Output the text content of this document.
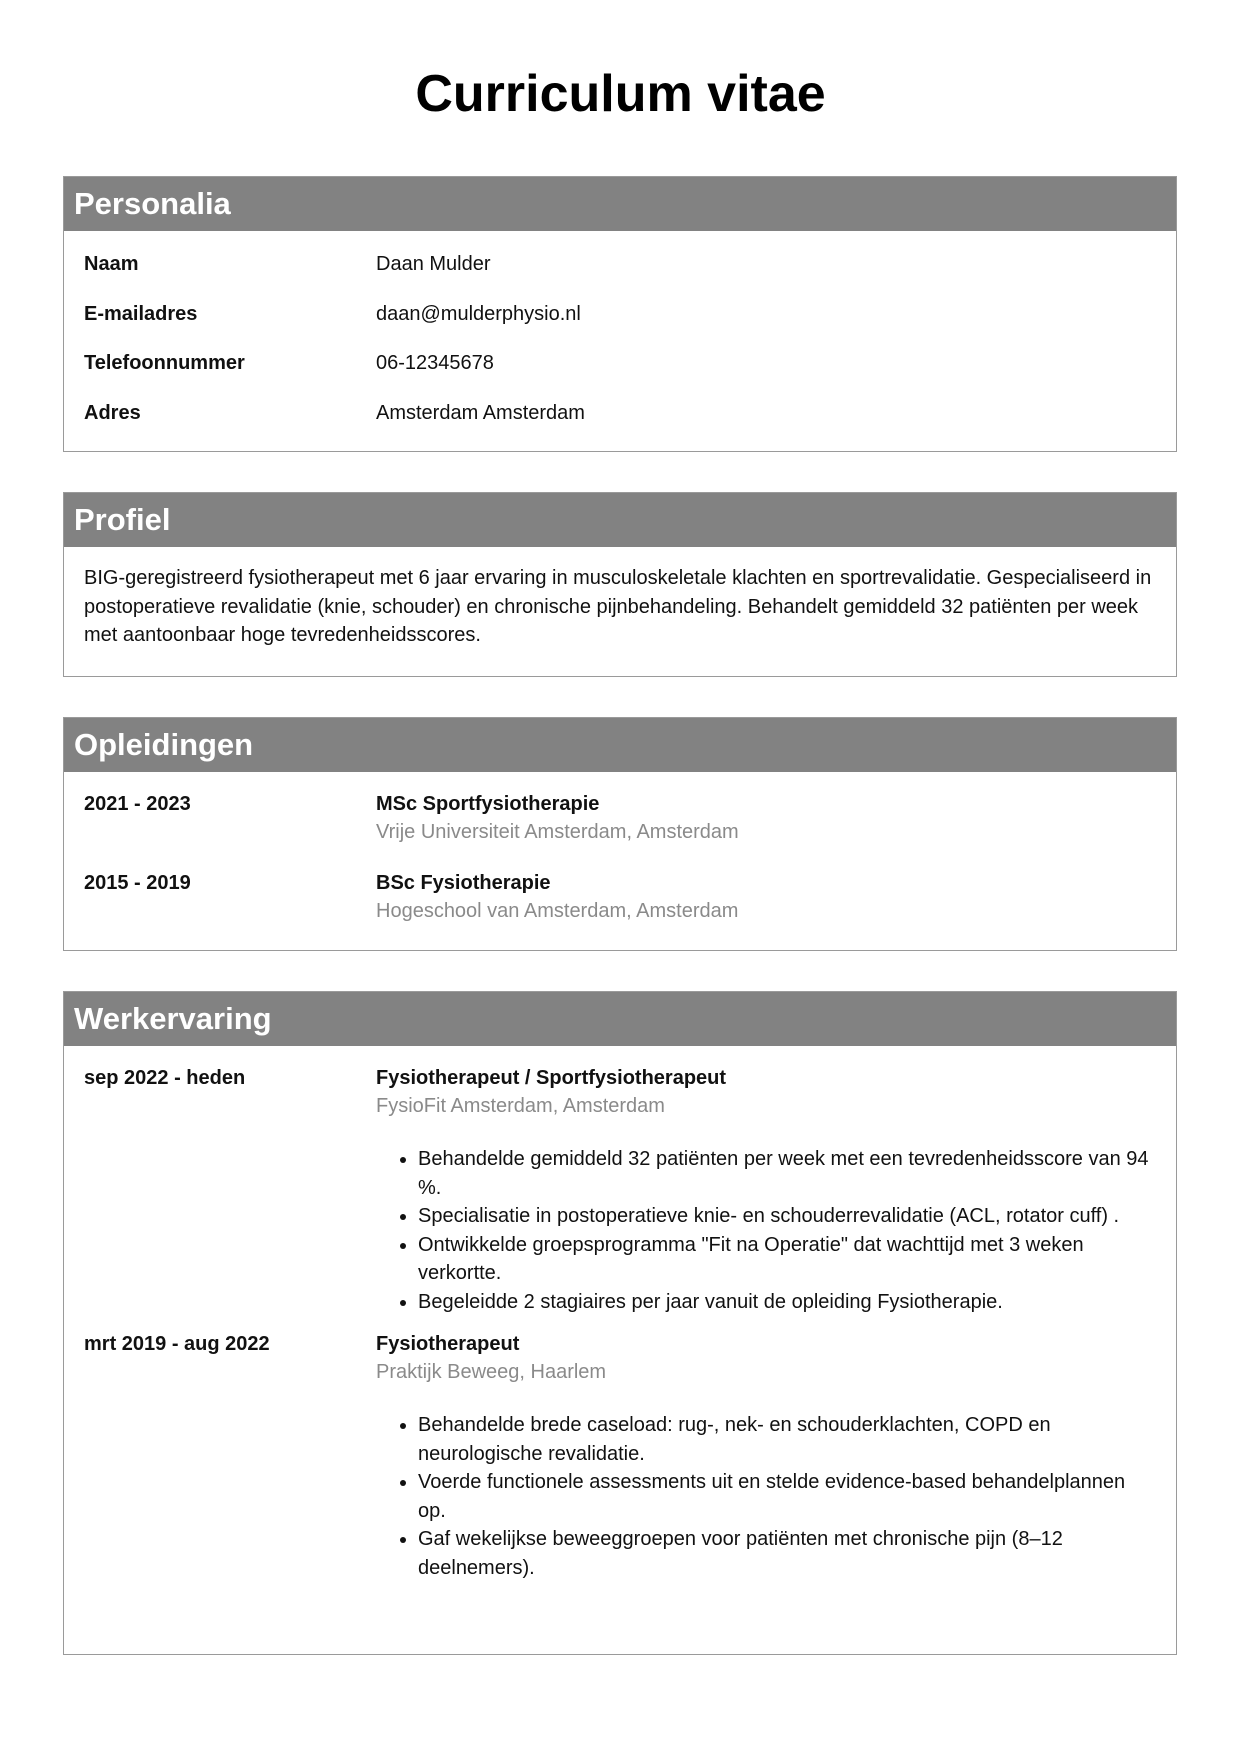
Curriculum vitae
Personalia
Naam	Daan Mulder
E-mailadres	daan@mulderphysio.nl
Telefoonnummer	06-12345678
Adres	Amsterdam Amsterdam
Profiel

BIG-geregistreerd fysiotherapeut met 6 jaar ervaring in musculoskeletale klachten en sportrevalidatie. Gespecialiseerd in postoperatieve revalidatie (knie, schouder) en chronische pijnbehandeling. Behandelt gemiddeld 32 patiënten per week met aantoonbaar hoge tevredenheidsscores.

Opleidingen
2021 - 2023	MSc Sportfysiotherapie
Vrije Universiteit Amsterdam, Amsterdam
2015 - 2019	BSc Fysiotherapie
Hogeschool van Amsterdam, Amsterdam
Werkervaring
sep 2022 - heden	Fysiotherapeut / Sportfysiotherapeut
FysioFit Amsterdam, Amsterdam
• Behandelde gemiddeld 32 patiënten per week met een tevredenheidsscore van 94 %.
• Specialisatie in postoperatieve knie- en schouderrevalidatie (ACL, rotator cuff) .
• Ontwikkelde groepsprogramma "Fit na Operatie" dat wachttijd met 3 weken verkortte.
• Begeleidde 2 stagiaires per jaar vanuit de opleiding Fysiotherapie.
mrt 2019 - aug 2022	Fysiotherapeut
Praktijk Beweeg, Haarlem
• Behandelde brede caseload: rug-, nek- en schouderklachten, COPD en neurologische revalidatie.
• Voerde functionele assessments uit en stelde evidence-based behandelplannen op.
• Gaf wekelijkse beweeggroepen voor patiënten met chronische pijn (8–12 deelnemers).
